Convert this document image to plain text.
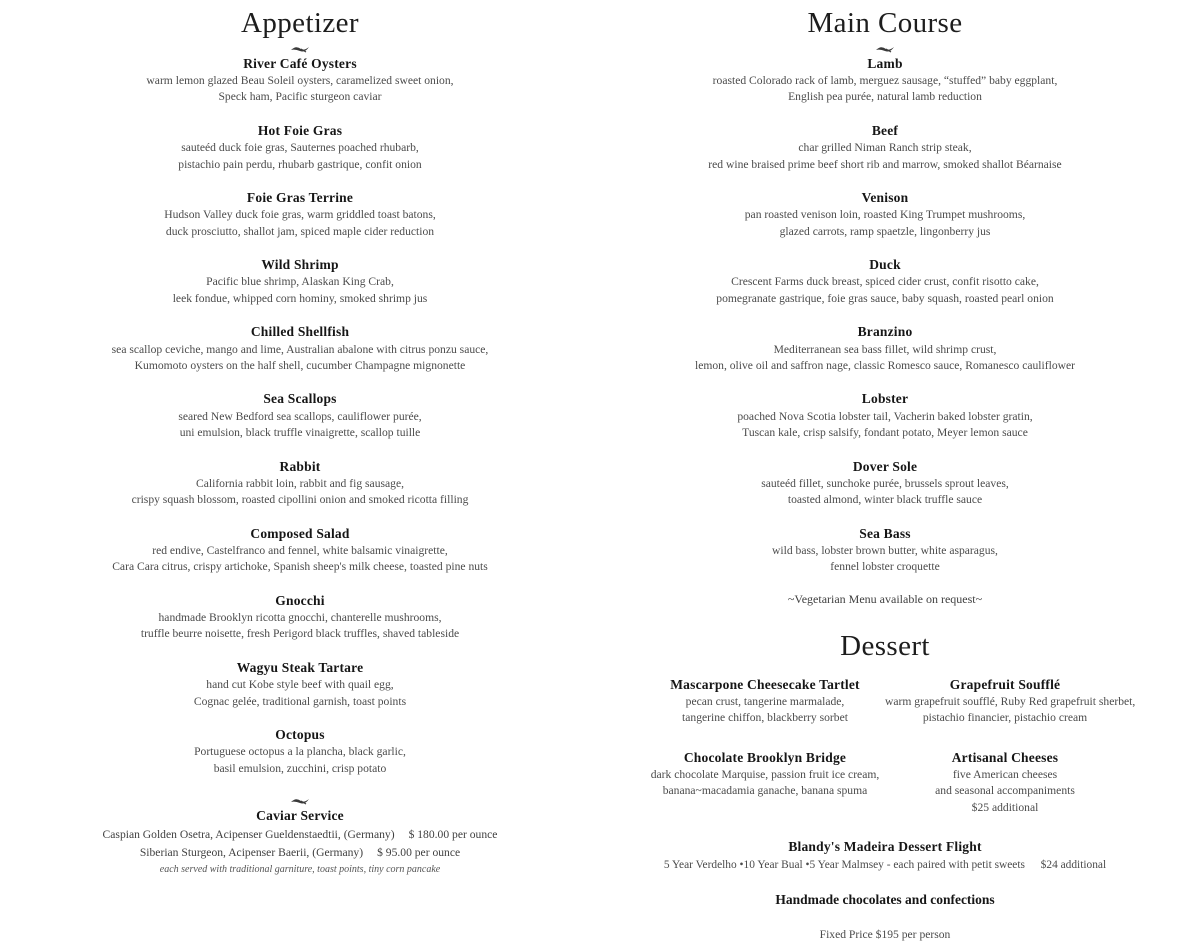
Appetizer
River Café Oysters
warm lemon glazed Beau Soleil oysters, caramelized sweet onion,
Speck ham, Pacific sturgeon caviar
Hot Foie Gras
sauteéd duck foie gras, Sauternes poached rhubarb,
pistachio pain perdu, rhubarb gastrique, confit onion
Foie Gras Terrine
Hudson Valley duck foie gras, warm griddled toast batons,
duck prosciutto, shallot jam, spiced maple cider reduction
Wild Shrimp
Pacific blue shrimp, Alaskan King Crab,
leek fondue, whipped corn hominy, smoked shrimp jus
Chilled Shellfish
sea scallop ceviche, mango and lime, Australian abalone with citrus ponzu sauce,
Kumomoto oysters on the half shell, cucumber Champagne mignonette
Sea Scallops
seared New Bedford sea scallops, cauliflower purée,
uni emulsion, black truffle vinaigrette, scallop tuille
Rabbit
California rabbit loin, rabbit and fig sausage,
crispy squash blossom, roasted cipollini onion and smoked ricotta filling
Composed Salad
red endive, Castelfranco and fennel, white balsamic vinaigrette,
Cara Cara citrus, crispy artichoke, Spanish sheep's milk cheese, toasted pine nuts
Gnocchi
handmade Brooklyn ricotta gnocchi, chanterelle mushrooms,
truffle beurre noisette, fresh Perigord black truffles, shaved tableside
Wagyu Steak Tartare
hand cut Kobe style beef with quail egg,
Cognac gelée, traditional garnish, toast points
Octopus
Portuguese octopus a la plancha, black garlic,
basil emulsion, zucchini, crisp potato
Caviar Service
Caspian Golden Osetra, Acipenser Gueldenstaedtii, (Germany) $ 180.00 per ounce
Siberian Sturgeon, Acipenser Baerii, (Germany) $ 95.00 per ounce
each served with traditional garniture, toast points, tiny corn pancake
Main Course
Lamb
roasted Colorado rack of lamb, merguez sausage, “stuffed” baby eggplant,
English pea purée, natural lamb reduction
Beef
char grilled Niman Ranch strip steak,
red wine braised prime beef short rib and marrow, smoked shallot Béarnaise
Venison
pan roasted venison loin, roasted King Trumpet mushrooms,
glazed carrots, ramp spaetzle, lingonberry jus
Duck
Crescent Farms duck breast, spiced cider crust, confit risotto cake,
pomegranate gastrique, foie gras sauce, baby squash, roasted pearl onion
Branzino
Mediterranean sea bass fillet, wild shrimp crust,
lemon, olive oil and saffron nage, classic Romesco sauce, Romanesco cauliflower
Lobster
poached Nova Scotia lobster tail, Vacherin baked lobster gratin,
Tuscan kale, crisp salsify, fondant potato, Meyer lemon sauce
Dover Sole
sauteéd fillet, sunchoke purée, brussels sprout leaves,
toasted almond, winter black truffle sauce
Sea Bass
wild bass, lobster brown butter, white asparagus,
fennel lobster croquette
~Vegetarian Menu available on request~
Dessert
Mascarpone Cheesecake Tartlet
pecan crust, tangerine marmalade,
tangerine chiffon, blackberry sorbet
Chocolate Brooklyn Bridge
dark chocolate Marquise, passion fruit ice cream,
banana~macadamia ganache, banana spuma
Grapefruit Soufflé
warm grapefruit soufflé, Ruby Red grapefruit sherbet,
pistachio financier, pistachio cream
Artisanal Cheeses
five American cheeses
and seasonal accompaniments
$25 additional
Blandy's Madeira Dessert Flight
5 Year Verdelho •10 Year Bual •5 Year Malmsey - each paired with petit sweets $24 additional
Handmade chocolates and confections
Fixed Price $195 per person
